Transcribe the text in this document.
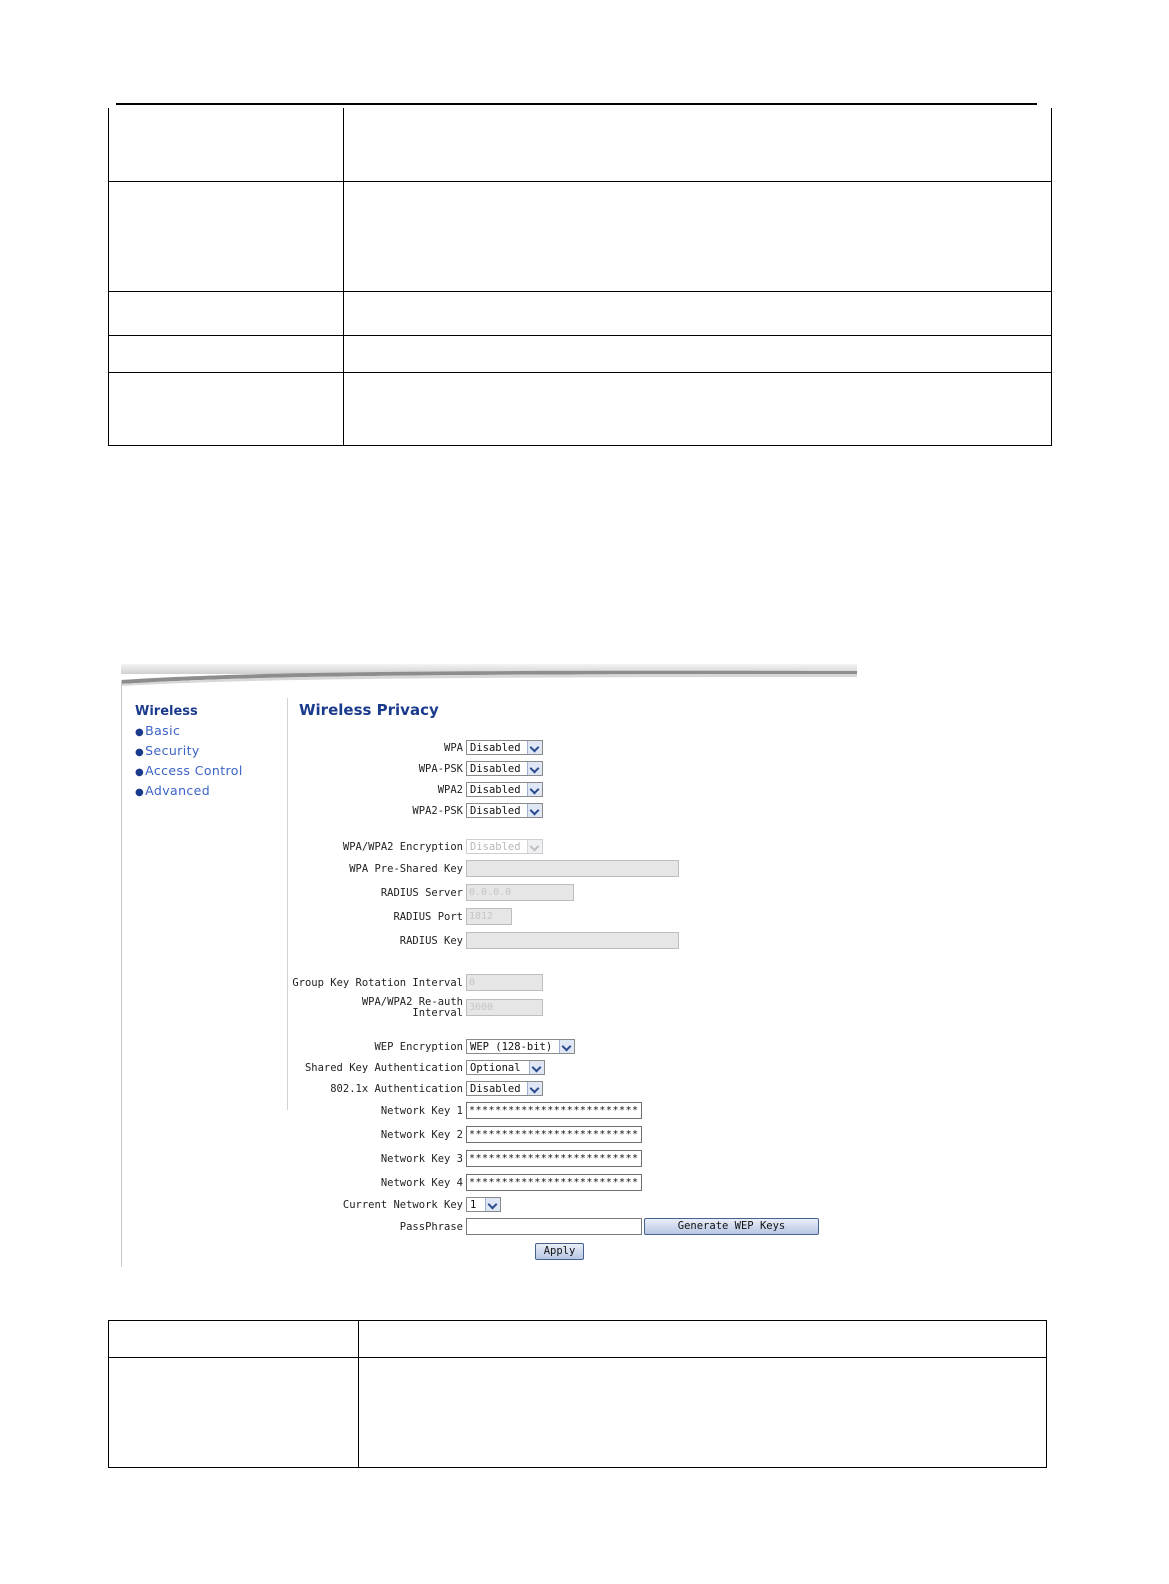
Wireless
●Basic
●Security
●Access Control
●Advanced
Wireless Privacy
WPA Disabled
WPA-PSK Disabled
WPA2 Disabled
WPA2-PSK Disabled
WPA/WPA2 Encryption Disabled
WPA Pre-Shared Key
RADIUS Server 0.0.0.0
RADIUS Port 1812
RADIUS Key
Group Key Rotation Interval 0
WPA/WPA2 Re-auth Interval 3600
WEP Encryption WEP (128-bit)
Shared Key Authentication Optional
802.1x Authentication Disabled
Network Key 1 **************************
Network Key 2 **************************
Network Key 3 **************************
Network Key 4 **************************
Current Network Key 1
PassPhrase	Generate WEP Keys
Apply
